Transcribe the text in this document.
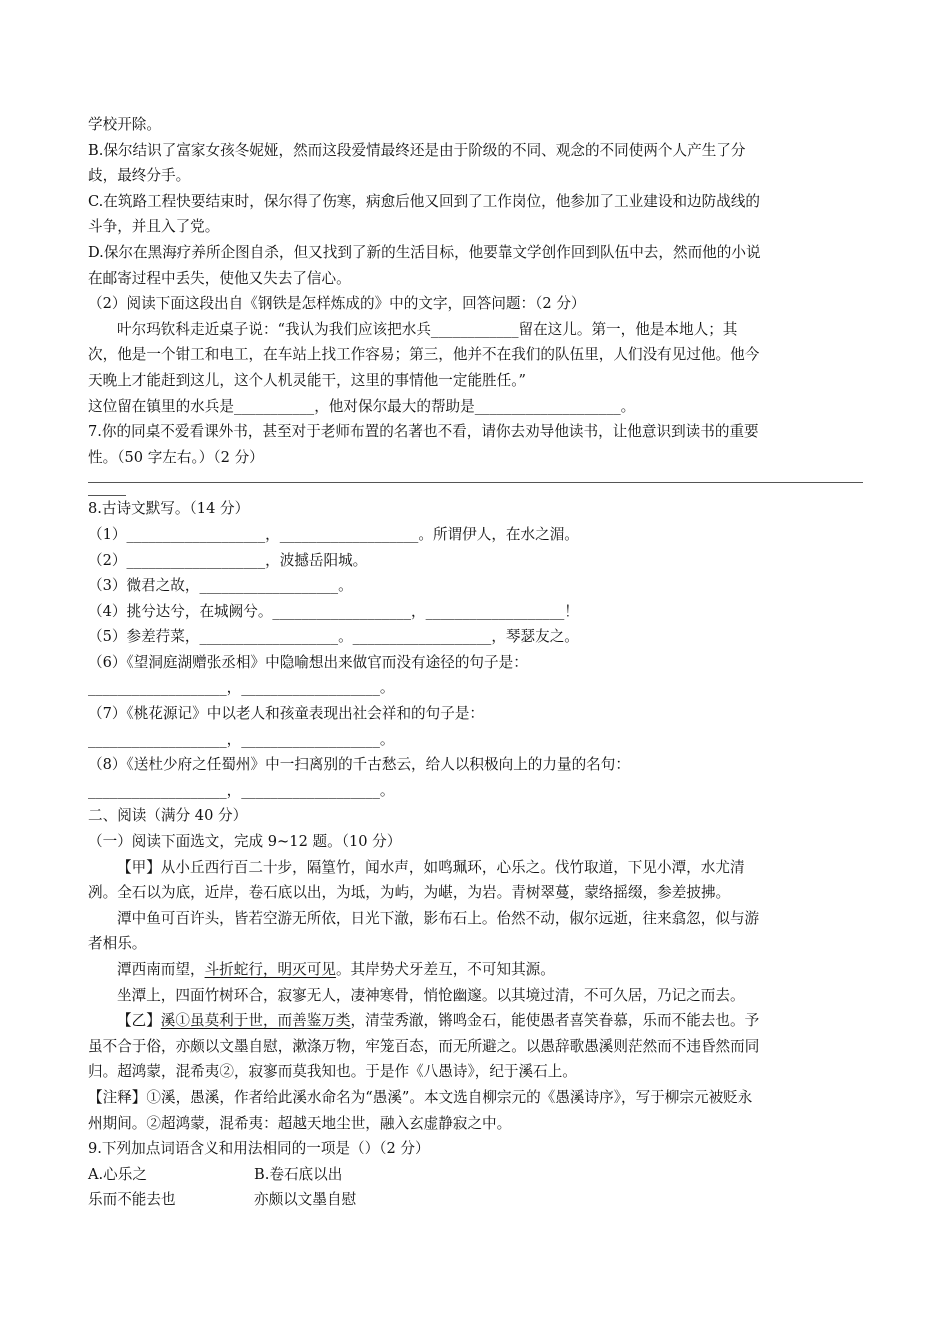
学校开除。
B.保尔结识了富家女孩冬妮娅，然而这段爱情最终还是由于阶级的不同、观念的不同使两个人产生了分
歧，最终分手。
C.在筑路工程快要结束时，保尔得了伤寒，病愈后他又回到了工作岗位，他参加了工业建设和边防战线的
斗争，并且入了党。
D.保尔在黑海疗养所企图自杀，但又找到了新的生活目标，他要靠文学创作回到队伍中去，然而他的小说
在邮寄过程中丢失，使他又失去了信心。
（2）阅读下面这段出自《钢铁是怎样炼成的》中的文字，回答问题：（2 分）
叶尔玛钦科走近桌子说：“我认为我们应该把水兵____________留在这儿。第一，他是本地人；其
次，他是一个钳工和电工，在车站上找工作容易；第三，他并不在我们的队伍里，人们没有见过他。他今
天晚上才能赶到这儿，这个人机灵能干，这里的事情他一定能胜任。”
这位留在镇里的水兵是___________，他对保尔最大的帮助是____________________。
7.你的同桌不爱看课外书，甚至对于老师布置的名著也不看，请你去劝导他读书，让他意识到读书的重要
性。（50 字左右。）（2 分）
8.古诗文默写。（14 分）
（1）___________________，___________________。所谓伊人，在水之湄。
（2）___________________，波撼岳阳城。
（3）微君之故，___________________。
（4）挑兮达兮，在城阙兮。___________________，___________________！
（5）参差荇菜，___________________。___________________，琴瑟友之。
（6）《望洞庭湖赠张丞相》中隐喻想出来做官而没有途径的句子是：
___________________，___________________。
（7）《桃花源记》中以老人和孩童表现出社会祥和的句子是：
___________________，___________________。
（8）《送杜少府之任蜀州》中一扫离别的千古愁云，给人以积极向上的力量的名句：
___________________，___________________。
二、阅读（满分 40 分）
（一）阅读下面选文，完成 9~12 题。（10 分）
【甲】从小丘西行百二十步，隔篁竹，闻水声，如鸣珮环，心乐之。伐竹取道，下见小潭，水尤清
冽。全石以为底，近岸，卷石底以出，为坻，为屿，为嵁，为岩。青树翠蔓，蒙络摇缀，参差披拂。
潭中鱼可百许头，皆若空游无所依，日光下澈，影布石上。佁然不动，俶尔远逝，往来翕忽，似与游
者相乐。
潭西南而望，斗折蛇行，明灭可见。其岸势犬牙差互，不可知其源。
坐潭上，四面竹树环合，寂寥无人，凄神寒骨，悄怆幽邃。以其境过清，不可久居，乃记之而去。
【乙】溪①虽莫利于世，而善鉴万类，清莹秀澈，锵鸣金石，能使愚者喜笑眷慕，乐而不能去也。予
虽不合于俗，亦颇以文墨自慰，漱涤万物，牢笼百态，而无所避之。以愚辞歌愚溪则茫然而不违昏然而同
归。超鸿蒙，混希夷②，寂寥而莫我知也。于是作《八愚诗》，纪于溪石上。
【注释】①溪，愚溪，作者给此溪水命名为“愚溪”。本文选自柳宗元的《愚溪诗序》，写于柳宗元被贬永
州期间。②超鸿蒙，混希夷：超越天地尘世，融入玄虚静寂之中。
9.下列加点词语含义和用法相同的一项是（）（2 分）
A.心乐之	B.卷石底以出
乐而不能去也	亦颇以文墨自慰
